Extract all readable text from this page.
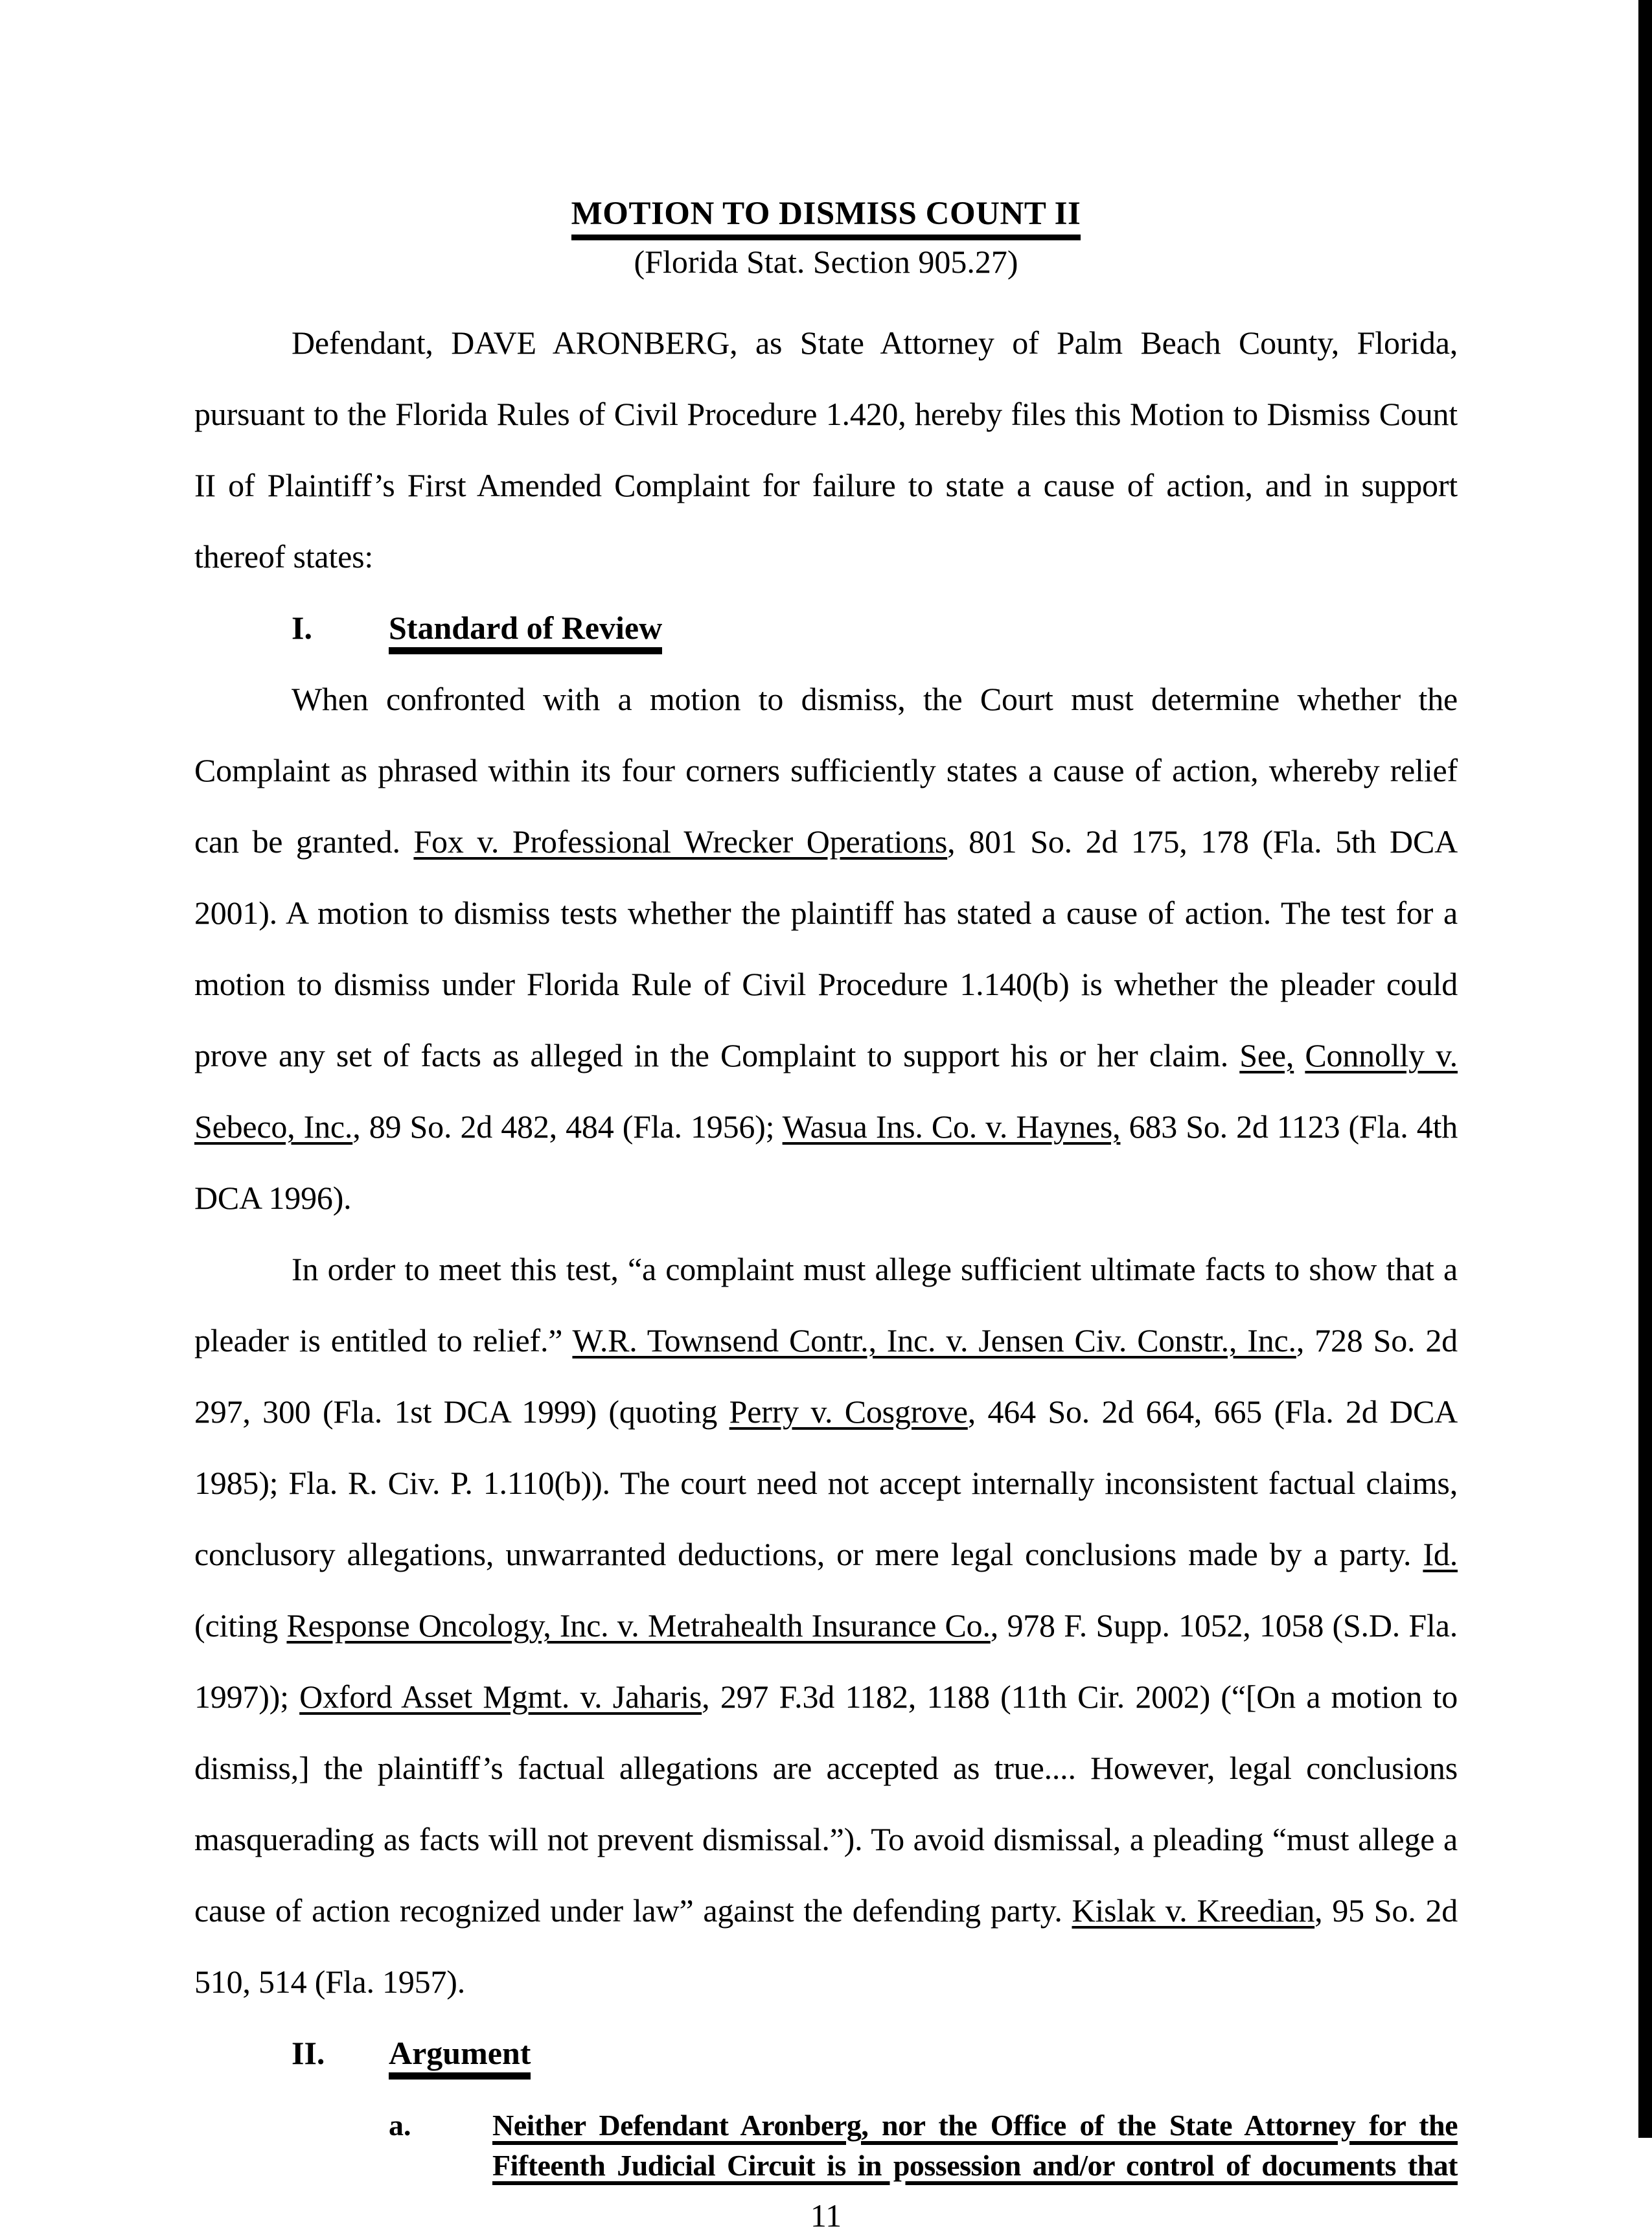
MOTION TO DISMISS COUNT II
(Florida Stat. Section 905.27)

Defendant, DAVE ARONBERG, as State Attorney of Palm Beach County, Florida, pursuant to the Florida Rules of Civil Procedure 1.420, hereby files this Motion to Dismiss Count II of Plaintiff’s First Amended Complaint for failure to state a cause of action, and in support thereof states:

I. Standard of Review

When confronted with a motion to dismiss, the Court must determine whether the Complaint as phrased within its four corners sufficiently states a cause of action, whereby relief can be granted. Fox v. Professional Wrecker Operations, 801 So. 2d 175, 178 (Fla. 5th DCA 2001). A motion to dismiss tests whether the plaintiff has stated a cause of action. The test for a motion to dismiss under Florida Rule of Civil Procedure 1.140(b) is whether the pleader could prove any set of facts as alleged in the Complaint to support his or her claim. See, Connolly v. Sebeco, Inc., 89 So. 2d 482, 484 (Fla. 1956); Wasua Ins. Co. v. Haynes, 683 So. 2d 1123 (Fla. 4th DCA 1996).

In order to meet this test, “a complaint must allege sufficient ultimate facts to show that a pleader is entitled to relief.” W.R. Townsend Contr., Inc. v. Jensen Civ. Constr., Inc., 728 So. 2d 297, 300 (Fla. 1st DCA 1999) (quoting Perry v. Cosgrove, 464 So. 2d 664, 665 (Fla. 2d DCA 1985); Fla. R. Civ. P. 1.110(b)). The court need not accept internally inconsistent factual claims, conclusory allegations, unwarranted deductions, or mere legal conclusions made by a party. Id. (citing Response Oncology, Inc. v. Metrahealth Insurance Co., 978 F. Supp. 1052, 1058 (S.D. Fla. 1997)); Oxford Asset Mgmt. v. Jaharis, 297 F.3d 1182, 1188 (11th Cir. 2002) (“[On a motion to dismiss,] the plaintiff’s factual allegations are accepted as true.... However, legal conclusions masquerading as facts will not prevent dismissal.”). To avoid dismissal, a pleading “must allege a cause of action recognized under law” against the defending party. Kislak v. Kreedian, 95 So. 2d 510, 514 (Fla. 1957).

II. Argument
a.	Neither Defendant Aronberg, nor the Office of the State Attorney for the
Fifteenth Judicial Circuit is in possession and/or control of documents that
11
